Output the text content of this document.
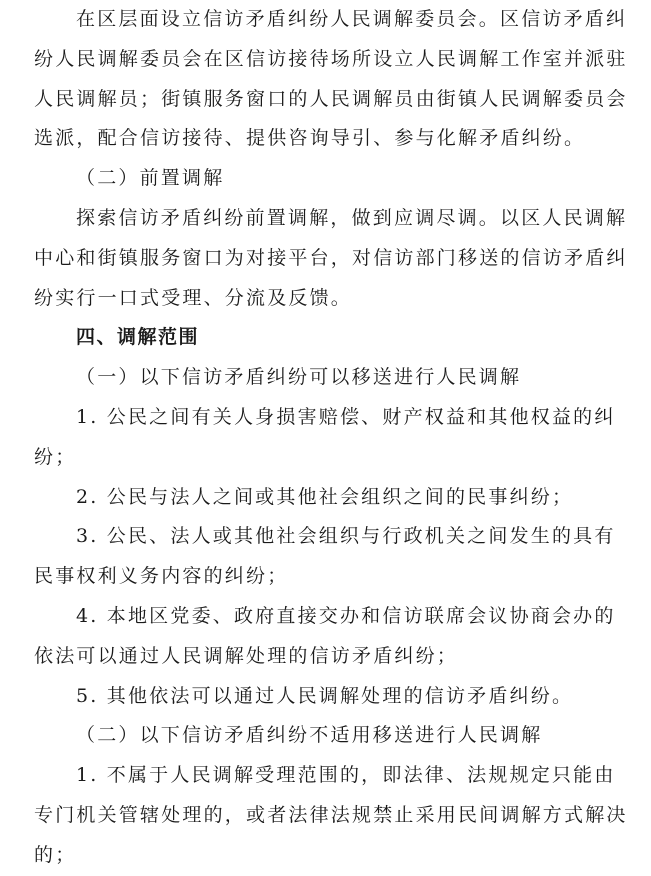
在区层面设立信访矛盾纠纷人民调解委员会。区信访矛盾纠
纷人民调解委员会在区信访接待场所设立人民调解工作室并派驻
人民调解员；街镇服务窗口的人民调解员由街镇人民调解委员会
选派，配合信访接待、提供咨询导引、参与化解矛盾纠纷。
（二）前置调解
探索信访矛盾纠纷前置调解，做到应调尽调。以区人民调解
中心和街镇服务窗口为对接平台，对信访部门移送的信访矛盾纠
纷实行一口式受理、分流及反馈。
四、调解范围
（一）以下信访矛盾纠纷可以移送进行人民调解
1. 公民之间有关人身损害赔偿、财产权益和其他权益的纠
纷；
2. 公民与法人之间或其他社会组织之间的民事纠纷；
3. 公民、法人或其他社会组织与行政机关之间发生的具有
民事权利义务内容的纠纷；
4. 本地区党委、政府直接交办和信访联席会议协商会办的
依法可以通过人民调解处理的信访矛盾纠纷；
5. 其他依法可以通过人民调解处理的信访矛盾纠纷。
（二）以下信访矛盾纠纷不适用移送进行人民调解
1. 不属于人民调解受理范围的，即法律、法规规定只能由
专门机关管辖处理的，或者法律法规禁止采用民间调解方式解决
的；
